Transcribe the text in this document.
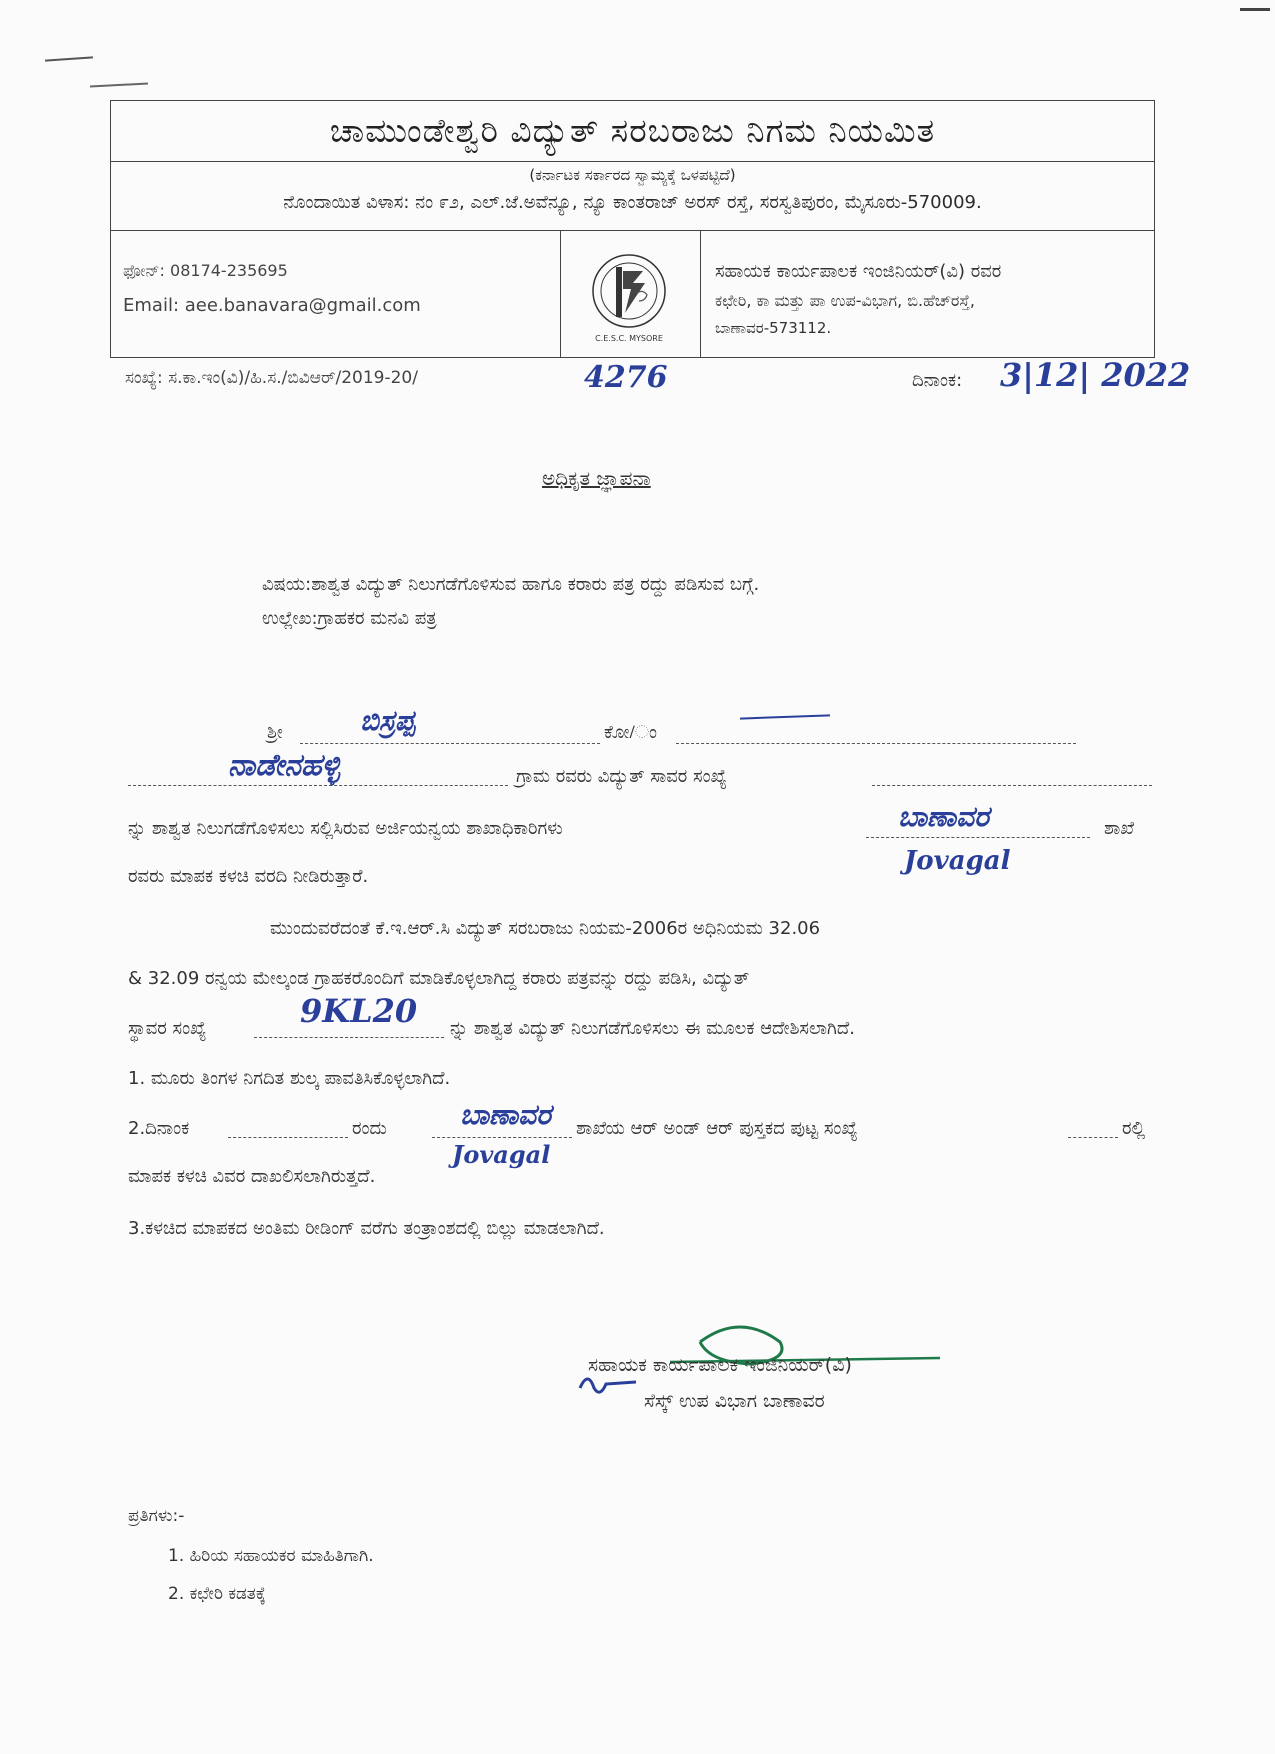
ಚಾಮುಂಡೇಶ್ವರಿ ವಿದ್ಯುತ್ ಸರಬರಾಜು ನಿಗಮ ನಿಯಮಿತ
(ಕರ್ನಾಟಕ ಸರ್ಕಾರದ ಸ್ವಾಮ್ಯಕ್ಕೆ ಒಳಪಟ್ಟಿದೆ)
ನೊಂದಾಯಿತ ವಿಳಾಸ: ನಂ ೯೨, ಎಲ್.ಜೆ.ಅವೆನ್ಯೂ, ನ್ಯೂ ಕಾಂತರಾಜ್ ಅರಸ್ ರಸ್ತೆ, ಸರಸ್ವತಿಪುರಂ, ಮೈಸೂರು-570009.
ಫೋನ್: 08174-235695
Email: aee.banavara@gmail.com
C.E.S.C. MYSORE
ಸಹಾಯಕ ಕಾರ್ಯಪಾಲಕ ಇಂಜಿನಿಯರ್(ವಿ) ರವರ
ಕಛೇರಿ, ಕಾ ಮತ್ತು ಪಾ ಉಪ-ವಿಭಾಗ, ಬಿ.ಹೆಚ್‌ರಸ್ತೆ,
ಬಾಣಾವರ-573112.
ಸಂಖ್ಯೆ: ಸ.ಕಾ.ಇಂ(ವಿ)/ಹಿ.ಸ./ಬಿವಿಆರ್/2019-20/	4276	ದಿನಾಂಕ: 3|12| 2022
ಅಧಿಕೃತ ಜ್ಞಾಪನಾ
ವಿಷಯ:ಶಾಶ್ವತ ವಿದ್ಯುತ್ ನಿಲುಗಡೆಗೊಳಿಸುವ ಹಾಗೂ ಕರಾರು ಪತ್ರ ರದ್ದು ಪಡಿಸುವ ಬಗ್ಗೆ.
ಉಲ್ಲೇಖ:ಗ್ರಾಹಕರ ಮನವಿ ಪತ್ರ
ಶ್ರೀ	ಬಿಸ್ರಪ್ಪ	ಕೋ/ಂ
ನಾಡೇನಹಳ್ಳಿ	ಗ್ರಾಮ ರವರು ವಿದ್ಯುತ್ ಸಾವರ ಸಂಖ್ಯೆ
ನ್ನು ಶಾಶ್ವತ ನಿಲುಗಡೆಗೊಳಿಸಲು ಸಲ್ಲಿಸಿರುವ ಅರ್ಜಿಯನ್ವಯ ಶಾಖಾಧಿಕಾರಿಗಳು	ಬಾಣಾವರ	ಶಾಖೆ
Jovagal
ರವರು ಮಾಪಕ ಕಳಚಿ ವರದಿ ನೀಡಿರುತ್ತಾರೆ.
ಮುಂದುವರೆದಂತೆ ಕೆ.ಇ.ಆರ್.ಸಿ ವಿದ್ಯುತ್ ಸರಬರಾಜು ನಿಯಮ-2006ರ ಅಧಿನಿಯಮ 32.06
& 32.09 ರನ್ವಯ ಮೇಲ್ಕಂಡ ಗ್ರಾಹಕರೊಂದಿಗೆ ಮಾಡಿಕೊಳ್ಳಲಾಗಿದ್ದ ಕರಾರು ಪತ್ರವನ್ನು ರದ್ದು ಪಡಿಸಿ, ವಿದ್ಯುತ್
ಸ್ಥಾವರ ಸಂಖ್ಯೆ	9KL20 ನ್ನು ಶಾಶ್ವತ ವಿದ್ಯುತ್ ನಿಲುಗಡೆಗೊಳಿಸಲು ಈ ಮೂಲಕ ಆದೇಶಿಸಲಾಗಿದೆ.
1. ಮೂರು ತಿಂಗಳ ನಿಗದಿತ ಶುಲ್ಕ ಪಾವತಿಸಿಕೊಳ್ಳಲಾಗಿದೆ.
2.ದಿನಾಂಕ	ರಂದು	ಬಾಣಾವರ ಶಾಖೆಯ ಆರ್ ಅಂಡ್ ಆರ್ ಪುಸ್ತಕದ ಪುಟ್ಟ ಸಂಖ್ಯೆ	ರಲ್ಲಿ
Jovagal
ಮಾಪಕ ಕಳಚಿ ವಿವರ ದಾಖಲಿಸಲಾಗಿರುತ್ತದೆ.
3.ಕಳಚಿದ ಮಾಪಕದ ಅಂತಿಮ ರೀಡಿಂಗ್ ವರೆಗು ತಂತ್ರಾಂಶದಲ್ಲಿ ಬಿಲ್ಲು ಮಾಡಲಾಗಿದೆ.
ಸಹಾಯಕ ಕಾರ್ಯಪಾಲಕ ಇಂಜಿನಿಯರ್(ವಿ)
ಸೆಸ್ಕ್ ಉಪ ವಿಭಾಗ ಬಾಣಾವರ
ಪ್ರತಿಗಳು:-
1. ಹಿರಿಯ ಸಹಾಯಕರ ಮಾಹಿತಿಗಾಗಿ.
2. ಕಛೇರಿ ಕಡತಕ್ಕೆ
